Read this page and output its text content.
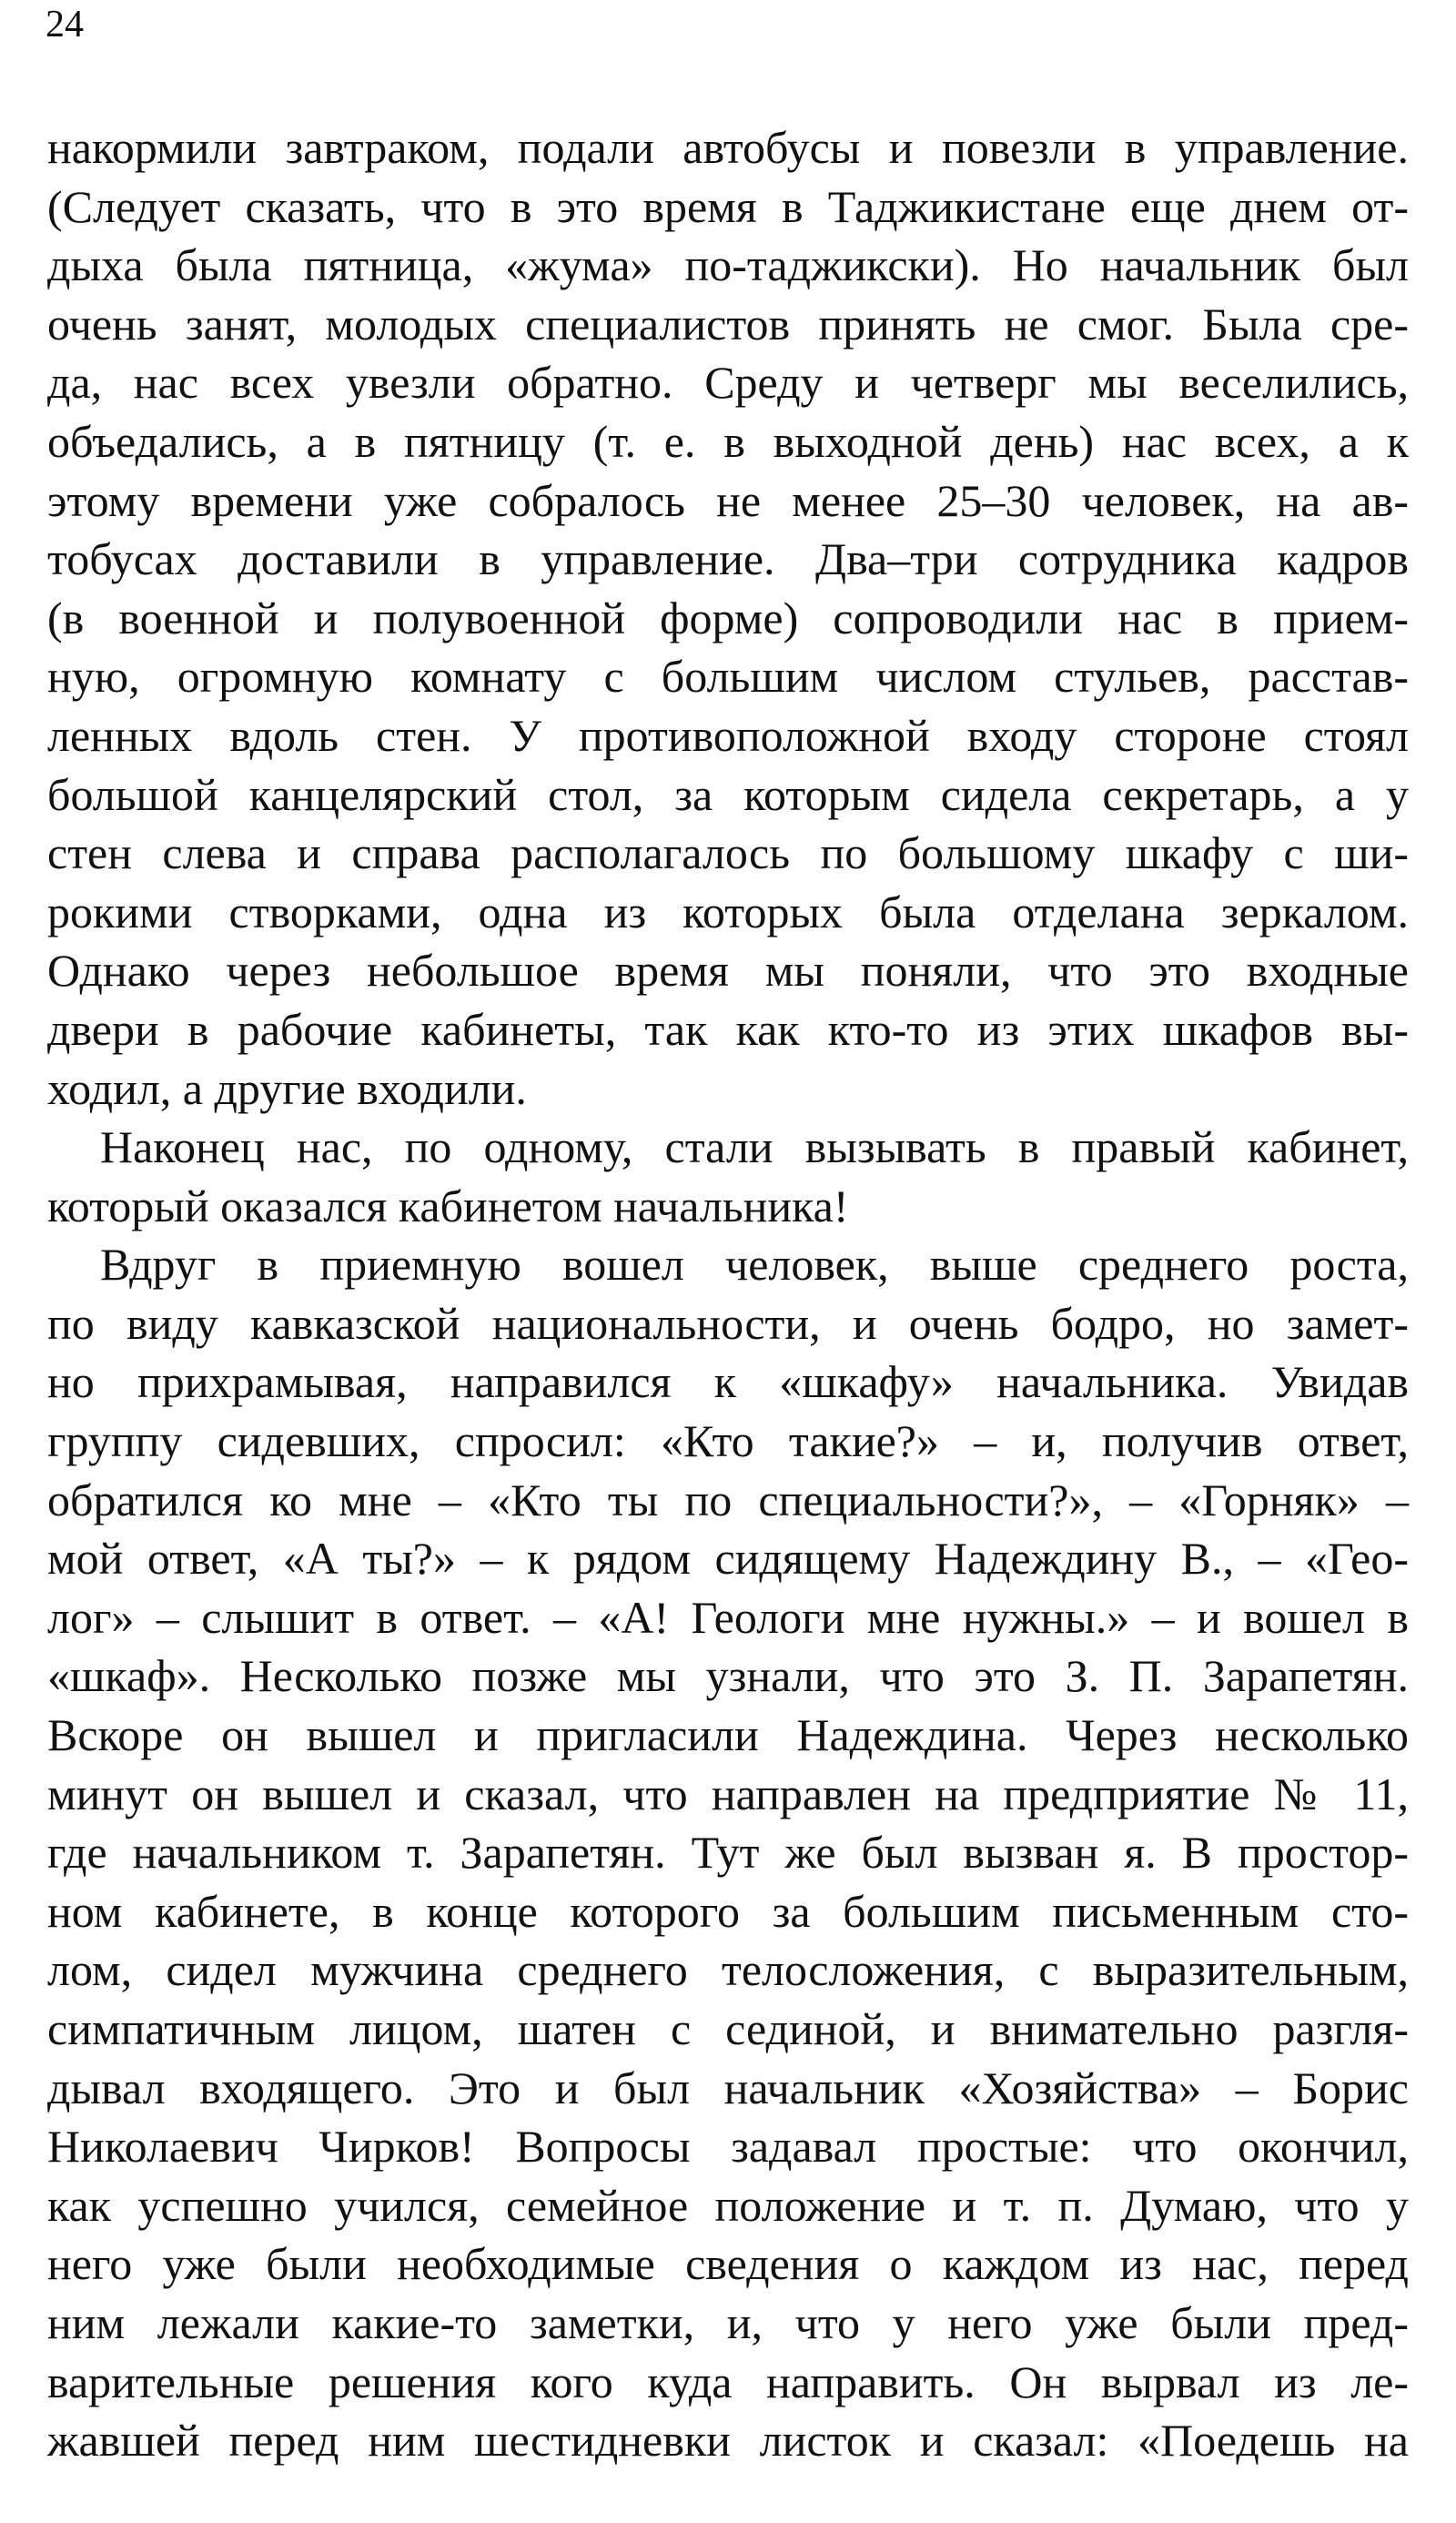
24
накормили завтраком, подали автобусы и повезли в управление.
(Следует сказать, что в это время в Таджикистане еще днем от-
дыха была пятница, «жума» по-таджикски). Но начальник был
очень занят, молодых специалистов принять не смог. Была сре-
да, нас всех увезли обратно. Среду и четверг мы веселились,
объедались, а в пятницу (т. е. в выходной день) нас всех, а к
этому времени уже собралось не менее 25–30 человек, на ав-
тобусах доставили в управление. Два–три сотрудника кадров
(в военной и полувоенной форме) сопроводили нас в прием-
ную, огромную комнату с большим числом стульев, расстав-
ленных вдоль стен. У противоположной входу стороне стоял
большой канцелярский стол, за которым сидела секретарь, а у
стен слева и справа располагалось по большому шкафу с ши-
рокими створками, одна из которых была отделана зеркалом.
Однако через небольшое время мы поняли, что это входные
двери в рабочие кабинеты, так как кто-то из этих шкафов вы-
ходил, а другие входили.
Наконец нас, по одному, стали вызывать в правый кабинет,
который оказался кабинетом начальника!
Вдруг в приемную вошел человек, выше среднего роста,
по виду кавказской национальности, и очень бодро, но замет-
но прихрамывая, направился к «шкафу» начальника. Увидав
группу сидевших, спросил: «Кто такие?» – и, получив ответ,
обратился ко мне – «Кто ты по специальности?», – «Горняк» –
мой ответ, «А ты?» – к рядом сидящему Надеждину В., – «Гео-
лог» – слышит в ответ. – «А! Геологи мне нужны.» – и вошел в
«шкаф». Несколько позже мы узнали, что это З. П. Зарапетян.
Вскоре он вышел и пригласили Надеждина. Через несколько
минут он вышел и сказал, что направлен на предприятие № 11,
где начальником т. Зарапетян. Тут же был вызван я. В простор-
ном кабинете, в конце которого за большим письменным сто-
лом, сидел мужчина среднего телосложения, с выразительным,
симпатичным лицом, шатен с сединой, и внимательно разгля-
дывал входящего. Это и был начальник «Хозяйства» – Борис
Николаевич Чирков! Вопросы задавал простые: что окончил,
как успешно учился, семейное положение и т. п. Думаю, что у
него уже были необходимые сведения о каждом из нас, перед
ним лежали какие-то заметки, и, что у него уже были пред-
варительные решения кого куда направить. Он вырвал из ле-
жавшей перед ним шестидневки листок и сказал: «Поедешь на
